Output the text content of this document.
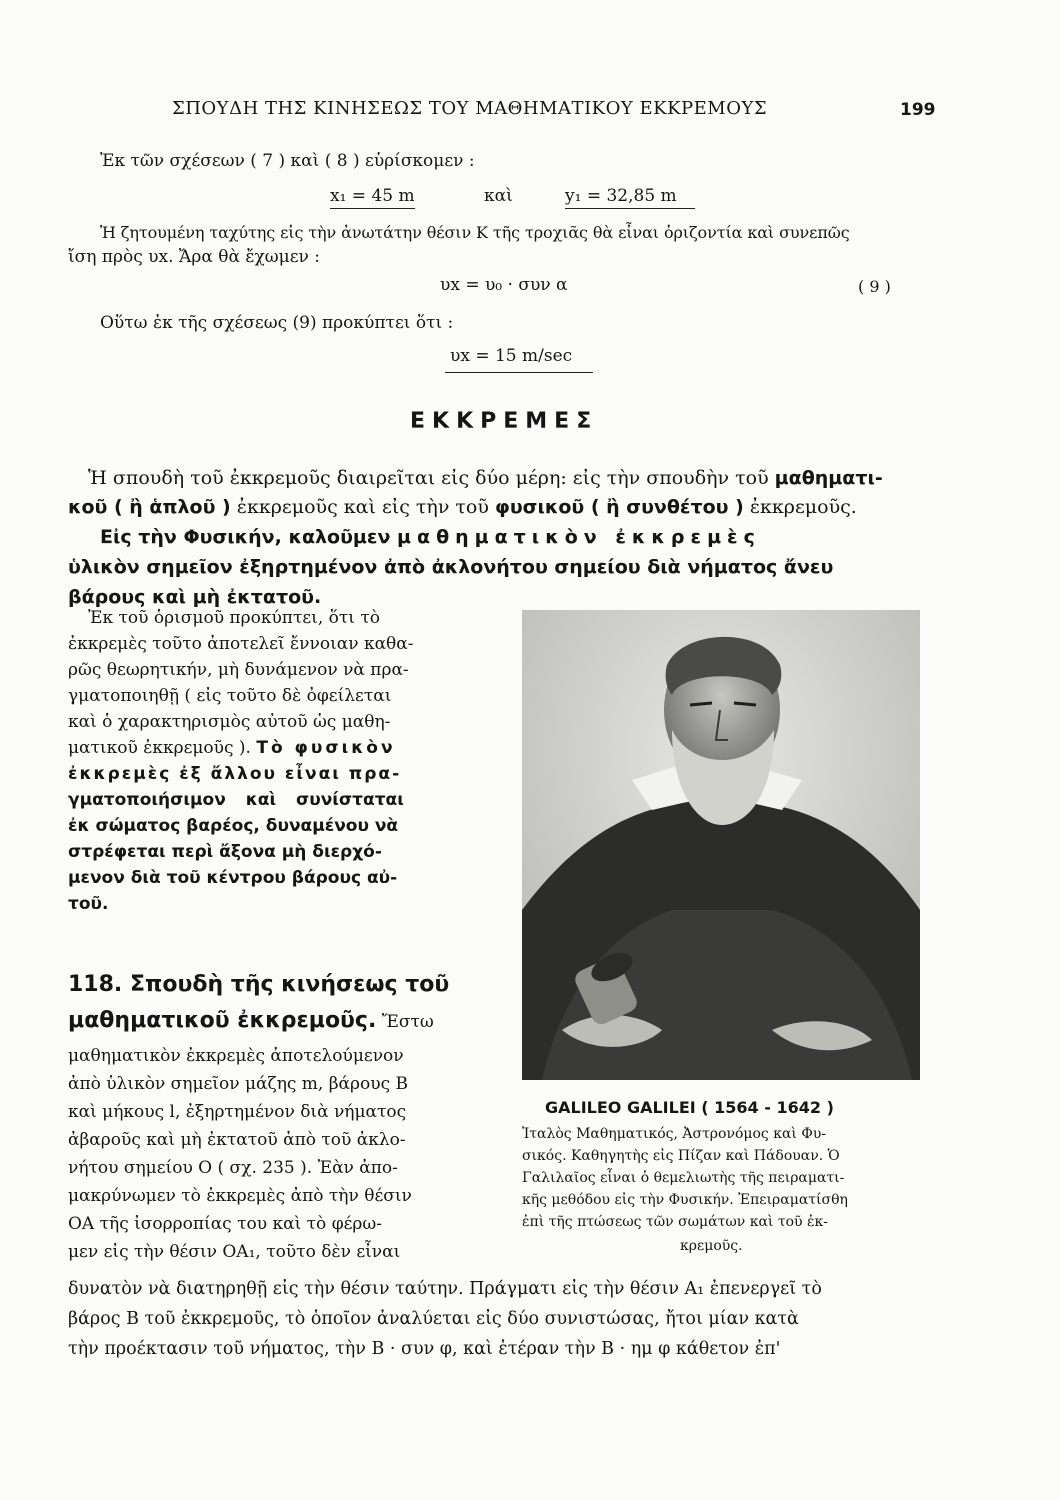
ΣΠΟΥΔΗ ΤΗΣ ΚΙΝΗΣΕΩΣ ΤΟΥ ΜΑΘΗΜΑΤΙΚΟΥ ΕΚΚΡΕΜΟΥΣ	199
Ἐκ τῶν σχέσεων ( 7 ) καὶ ( 8 ) εὑρίσκομεν :
x₁ = 45 m	καὶ	y₁ = 32,85 m
Ἡ ζητουμένη ταχύτης εἰς τὴν ἀνωτάτην θέσιν Κ τῆς τροχιᾶς θὰ εἶναι ὁριζοντία καὶ συνεπῶς
ἴση πρὸς υx. Ἄρα θὰ ἔχωμεν :
υx = υ₀ · συν α	( 9 )
Οὕτω ἐκ τῆς σχέσεως (9) προκύπτει ὅτι :
υx = 15 m/sec
ΕΚΚΡΕΜΕΣ
Ἡ σπουδὴ τοῦ ἐκκρεμοῦς διαιρεῖται εἰς δύο μέρη: εἰς τὴν σπουδὴν τοῦ μαθηματι-
κοῦ ( ἢ ἁπλοῦ ) ἐκκρεμοῦς καὶ εἰς τὴν τοῦ φυσικοῦ ( ἢ συνθέτου ) ἐκκρεμοῦς.
Εἰς τὴν Φυσικήν, καλοῦμεν μαθηματικὸν ἐκκρεμὲς
ὑλικὸν σημεῖον ἐξηρτημένον ἀπὸ ἀκλονήτου σημείου διὰ νήματος ἄνευ
βάρους καὶ μὴ ἐκτατοῦ.
Ἐκ τοῦ ὁρισμοῦ προκύπτει, ὅτι τὸ
ἐκκρεμὲς τοῦτο ἀποτελεῖ ἔννοιαν καθα-
ρῶς θεωρητικήν, μὴ δυνάμενον νὰ πρα-
γματοποιηθῇ ( εἰς τοῦτο δὲ ὀφείλεται
καὶ ὁ χαρακτηρισμὸς αὐτοῦ ὡς μαθη-
ματικοῦ ἐκκρεμοῦς ). Τὸ φυσικὸν
ἐκκρεμὲς ἐξ ἄλλου εἶναι πρα-
γματοποιήσιμον καὶ συνίσταται
ἐκ σώματος βαρέος, δυναμένου νὰ
στρέφεται περὶ ἄξονα μὴ διερχό-
μενον διὰ τοῦ κέντρου βάρους αὐ-
τοῦ.
118. Σπουδὴ τῆς κινήσεως τοῦ
μαθηματικοῦ ἐκκρεμοῦς. Ἔστω
μαθηματικὸν ἐκκρεμὲς ἀποτελούμενον
ἀπὸ ὑλικὸν σημεῖον μάζης m, βάρους Β
καὶ μήκους l, ἐξηρτημένον διὰ νήματος
ἀβαροῦς καὶ μὴ ἐκτατοῦ ἀπὸ τοῦ ἀκλο-
νήτου σημείου Ο ( σχ. 235 ). Ἐὰν ἀπο-
μακρύνωμεν τὸ ἐκκρεμὲς ἀπὸ τὴν θέσιν
ΟΑ τῆς ἰσορροπίας του καὶ τὸ φέρω-
μεν εἰς τὴν θέσιν ΟΑ₁, τοῦτο δὲν εἶναι
δυνατὸν νὰ διατηρηθῇ εἰς τὴν θέσιν ταύτην. Πράγματι εἰς τὴν θέσιν Α₁ ἐπενεργεῖ τὸ
βάρος Β τοῦ ἐκκρεμοῦς, τὸ ὁποῖον ἀναλύεται εἰς δύο συνιστώσας, ἤτοι μίαν κατὰ
τὴν προέκτασιν τοῦ νήματος, τὴν Β · συν φ, καὶ ἑτέραν τὴν Β · ημ φ κάθετον ἐπ'
GALILEO GALILEI ( 1564 - 1642 )
Ἰταλὸς Μαθηματικός, Ἀστρονόμος καὶ Φυ-
σικός. Καθηγητὴς εἰς Πίζαν καὶ Πάδουαν. Ὁ
Γαλιλαῖος εἶναι ὁ θεμελιωτὴς τῆς πειραματι-
κῆς μεθόδου εἰς τὴν Φυσικήν. Ἐπειραματίσθη
ἐπὶ τῆς πτώσεως τῶν σωμάτων καὶ τοῦ ἐκ-
κρεμοῦς.
